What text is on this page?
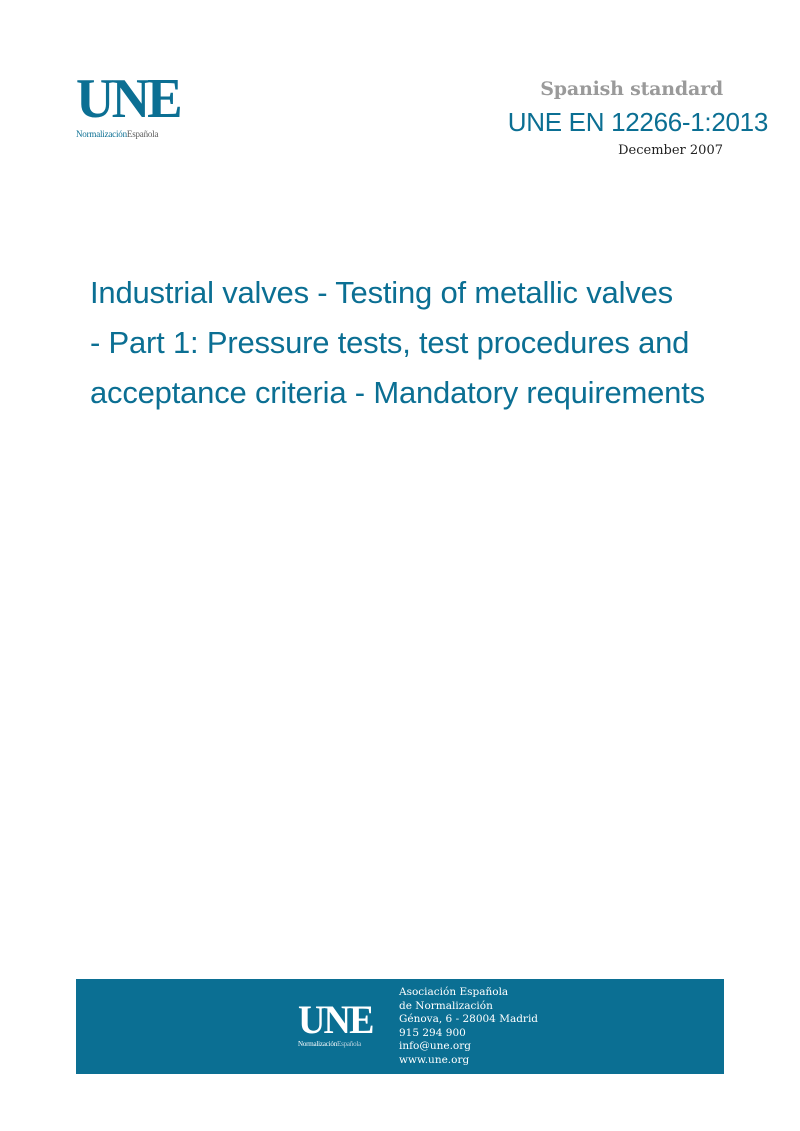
UNE
NormalizaciónEspañola
Spanish standard
UNE EN 12266-1:2013
December 2007
Industrial valves - Testing of metallic valves
- Part 1: Pressure tests, test procedures and
acceptance criteria - Mandatory requirements
UNE
NormalizaciónEspañola
Asociación Española
de Normalización
Génova, 6 - 28004 Madrid
915 294 900
info@une.org
www.une.org
